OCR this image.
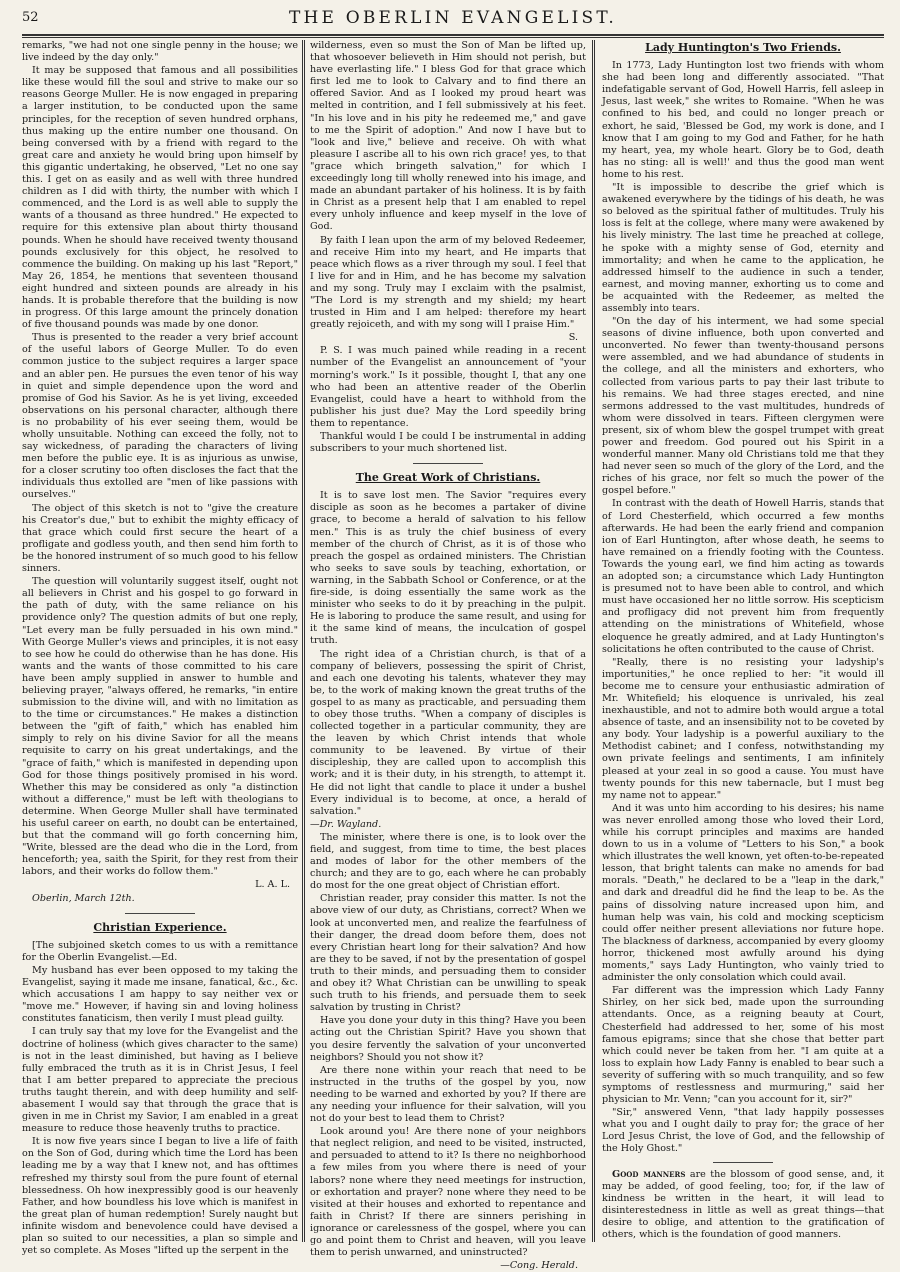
52	THE OBERLIN EVANGELIST.

remarks, "we had not one single penny in the house; we live indeed by the day only."

It may be supposed that famous and all possibilities like these would fill the soul and strive to make our so reasons George Muller. He is now engaged in preparing a larger institution, to be conducted upon the same principles, for the reception of seven hundred orphans, thus making up the entire number one thousand. On being conversed with by a friend with regard to the great care and anxiety he would bring upon himself by this gigantic undertaking, he observed, "Let no one say this. I get on as easily and as well with three hundred children as I did with thirty, the number with which I commenced, and the Lord is as well able to supply the wants of a thousand as three hundred." He expected to require for this extensive plan about thirty thousand pounds. When he should have received twenty thousand pounds exclusively for this object, he resolved to commence the building. On making up his last "Report," May 26, 1854, he mentions that seventeen thousand eight hundred and sixteen pounds are already in his hands. It is probable therefore that the building is now in progress. Of this large amount the princely donation of five thousand pounds was made by one donor.

Thus is presented to the reader a very brief account of the useful labors of George Muller. To do even common justice to the subject requires a larger space and an abler pen. He pursues the even tenor of his way in quiet and simple dependence upon the word and promise of God his Savior. As he is yet living, exceeded observations on his personal character, although there is no probability of his ever seeing them, would be wholly unsuitable. Nothing can exceed the folly, not to say wickedness, of parading the characters of living men before the public eye. It is as injurious as unwise, for a closer scrutiny too often discloses the fact that the individuals thus extolled are "men of like passions with ourselves."

The object of this sketch is not to "give the creature his Creator's due," but to exhibit the mighty efficacy of that grace which could first secure the heart of a profligate and godless youth, and then send him forth to be the honored instrument of so much good to his fellow sinners.

The question will voluntarily suggest itself, ought not all believers in Christ and his gospel to go forward in the path of duty, with the same reliance on his providence only? The question admits of but one reply, "Let every man be fully persuaded in his own mind." With George Muller's views and principles, it is not easy to see how he could do otherwise than he has done. His wants and the wants of those committed to his care have been amply supplied in answer to humble and believing prayer, "always offered, he remarks, "in entire submission to the divine will, and with no limitation as to the time or circumstances." He makes a distinction between the "gift of faith," which has enabled him simply to rely on his divine Savior for all the means requisite to carry on his great undertakings, and the "grace of faith," which is manifested in depending upon God for those things positively promised in his word. Whether this may be considered as only "a distinction without a difference," must be left with theologians to determine. When George Muller shall have terminated his useful career on earth, no doubt can be entertained, but that the command will go forth concerning him, "Write, blessed are the dead who die in the Lord, from henceforth; yea, saith the Spirit, for they rest from their labors, and their works do follow them."

L. A. L.

Oberlin, March 12th.

Christian Experience.

[The subjoined sketch comes to us with a remittance for the Oberlin Evangelist.—Ed.

My husband has ever been opposed to my taking the Evangelist, saying it made me insane, fanatical, &c., &c. which accusations I am happy to say neither vex or "move me." However, if having sin and loving holiness constitutes fanaticism, then verily I must plead guilty.

I can truly say that my love for the Evangelist and the doctrine of holiness (which gives character to the same) is not in the least diminished, but having as I believe fully embraced the truth as it is in Christ Jesus, I feel that I am better prepared to appreciate the precious truths taught therein, and with deep humility and self-abasement I would say that through the grace that is given in me in Christ my Savior, I am enabled in a great measure to reduce those heavenly truths to practice.

It is now five years since I began to live a life of faith on the Son of God, during which time the Lord has been leading me by a way that I knew not, and has ofttimes refreshed my thirsty soul from the pure fount of eternal blessedness. Oh how inexpressibly good is our heavenly Father, and how boundless his love which is manifest in the great plan of human redemption! Surely naught but infinite wisdom and benevolence could have devised a plan so suited to our necessities, a plan so simple and yet so complete. As Moses "lifted up the serpent in the

wilderness, even so must the Son of Man be lifted up, that whosoever believeth in Him should not perish, but have everlasting life." I bless God for that grace which first led me to look to Calvary and to find there an offered Savior. And as I looked my proud heart was melted in contrition, and I fell submissively at his feet. "In his love and in his pity he redeemed me," and gave to me the Spirit of adoption." And now I have but to "look and live," believe and receive. Oh with what pleasure I ascribe all to his own rich grace! yes, to that "grace which bringeth salvation," for which I exceedingly long till wholly renewed into his image, and made an abundant partaker of his holiness. It is by faith in Christ as a present help that I am enabled to repel every unholy influence and keep myself in the love of God.

By faith I lean upon the arm of my beloved Redeemer, and receive Him into my heart, and He imparts that peace which flows as a river through my soul. I feel that I live for and in Him, and he has become my salvation and my song. Truly may I exclaim with the psalmist, "The Lord is my strength and my shield; my heart trusted in Him and I am helped: therefore my heart greatly rejoiceth, and with my song will I praise Him."

S.

P. S. I was much pained while reading in a recent number of the Evangelist an announcement of "your morning's work." Is it possible, thought I, that any one who had been an attentive reader of the Oberlin Evangelist, could have a heart to withhold from the publisher his just due? May the Lord speedily bring them to repentance.

Thankful would I be could I be instrumental in adding subscribers to your much shortened list.

The Great Work of Christians.

It is to save lost men. The Savior "requires every disciple as soon as he becomes a partaker of divine grace, to become a herald of salvation to his fellow men." This is as truly the chief business of every member of the church of Christ, as it is of those who preach the gospel as ordained ministers. The Christian who seeks to save souls by teaching, exhortation, or warning, in the Sabbath School or Conference, or at the fire-side, is doing essentially the same work as the minister who seeks to do it by preaching in the pulpit. He is laboring to produce the same result, and using for it the same kind of means, the inculcation of gospel truth.

The right idea of a Christian church, is that of a company of believers, possessing the spirit of Christ, and each one devoting his talents, whatever they may be, to the work of making known the great truths of the gospel to as many as practicable, and persuading them to obey those truths. "When a company of disciples is collected together in a particular community, they are the leaven by which Christ intends that whole community to be leavened. By virtue of their discipleship, they are called upon to accomplish this work; and it is their duty, in his strength, to attempt it. He did not light that candle to place it under a bushel Every individual is to become, at once, a herald of salvation."

—Dr. Wayland.

The minister, where there is one, is to look over the field, and suggest, from time to time, the best places and modes of labor for the other members of the church; and they are to go, each where he can probably do most for the one great object of Christian effort.

Christian reader, pray consider this matter. Is not the above view of our duty, as Christians, correct? When we look at unconverted men, and realize the fearfulness of their danger, the dread doom before them, does not every Christian heart long for their salvation? And how are they to be saved, if not by the presentation of gospel truth to their minds, and persuading them to consider and obey it? What Christian can be unwilling to speak such truth to his friends, and persuade them to seek salvation by trusting in Christ?

Have you done your duty in this thing? Have you been acting out the Christian Spirit? Have you shown that you desire fervently the salvation of your unconverted neighbors? Should you not show it?

Are there none within your reach that need to be instructed in the truths of the gospel by you, now needing to be warned and exhorted by you? If there are any needing your influence for their salvation, will you not do your best to lead them to Christ?

Look around you! Are there none of your neighbors that neglect religion, and need to be visited, instructed, and persuaded to attend to it? Is there no neighborhood a few miles from you where there is need of your labors? none where they need meetings for instruction, or exhortation and prayer? none where they need to be visited at their houses and exhorted to repentance and faith in Christ? If there are sinners perishing in ignorance or carelessness of the gospel, where you can go and point them to Christ and heaven, will you leave them to perish unwarned, and uninstructed?

—Cong. Herald.

Lady Huntington's Two Friends.

In 1773, Lady Huntington lost two friends with whom she had been long and differently associated. "That indefatigable servant of God, Howell Harris, fell asleep in Jesus, last week," she writes to Romaine. "When he was confined to his bed, and could no longer preach or exhort, he said, 'Blessed be God, my work is done, and I know that I am going to my God and Father, for he hath my heart, yea, my whole heart. Glory be to God, death has no sting: all is well!' and thus the good man went home to his rest.

"It is impossible to describe the grief which is awakened everywhere by the tidings of his death, he was so beloved as the spiritual father of multitudes. Truly his loss is felt at the college, where many were awakened by his lively ministry. The last time he preached at college, he spoke with a mighty sense of God, eternity and immortality; and when he came to the application, he addressed himself to the audience in such a tender, earnest, and moving manner, exhorting us to come and be acquainted with the Redeemer, as melted the assembly into tears.

"On the day of his interment, we had some special seasons of divine influence, both upon converted and unconverted. No fewer than twenty-thousand persons were assembled, and we had abundance of students in the college, and all the ministers and exhorters, who collected from various parts to pay their last tribute to his remains. We had three stages erected, and nine sermons addressed to the vast multitudes, hundreds of whom were dissolved in tears. Fifteen clergymen were present, six of whom blew the gospel trumpet with great power and freedom. God poured out his Spirit in a wonderful manner. Many old Christians told me that they had never seen so much of the glory of the Lord, and the riches of his grace, nor felt so much the power of the gospel before."

In contrast with the death of Howell Harris, stands that of Lord Chesterfield, which occurred a few months afterwards. He had been the early friend and companion ion of Earl Huntington, after whose death, he seems to have remained on a friendly footing with the Countess. Towards the young earl, we find him acting as towards an adopted son; a circumstance which Lady Huntington is presumed not to have been able to control, and which must have occasioned her no little sorrow. His scepticism and profligacy did not prevent him from frequently attending on the ministrations of Whitefield, whose eloquence he greatly admired, and at Lady Huntington's solicitations he often contributed to the cause of Christ.

"Really, there is no resisting your ladyship's importunities," he once replied to her: "it would ill become me to censure your enthusiastic admiration of Mr. Whitefield; his eloquence is unrivaled, his zeal inexhaustible, and not to admire both would argue a total absence of taste, and an insensibility not to be coveted by any body. Your ladyship is a powerful auxiliary to the Methodist cabinet; and I confess, notwithstanding my own private feelings and sentiments, I am infinitely pleased at your zeal in so good a cause. You must have twenty pounds for this new tabernacle, but I must beg my name not to appear."

And it was unto him according to his desires; his name was never enrolled among those who loved their Lord, while his corrupt principles and maxims are handed down to us in a volume of "Letters to his Son," a book which illustrates the well known, yet often-to-be-repeated lesson, that bright talents can make no amends for bad morals. "Death," he declared to be a "leap in the dark," and dark and dreadful did he find the leap to be. As the pains of dissolving nature increased upon him, and human help was vain, his cold and mocking scepticism could offer neither present alleviations nor future hope. The blackness of darkness, accompanied by every gloomy horror, thickened most awfully around his dying moments," says Lady Huntington, who vainly tried to administer the only consolation which could avail.

Far different was the impression which Lady Fanny Shirley, on her sick bed, made upon the surrounding attendants. Once, as a reigning beauty at Court, Chesterfield had addressed to her, some of his most famous epigrams; since that she chose that better part which could never be taken from her. "I am quite at a loss to explain how Lady Fanny is enabled to bear such a severity of suffering with so much tranquility, and so few symptoms of restlessness and murmuring," said her physician to Mr. Venn; "can you account for it, sir?"

"Sir," answered Venn, "that lady happily possesses what you and I ought daily to pray for; the grace of her Lord Jesus Christ, the love of God, and the fellowship of the Holy Ghost."

Good manners are the blossom of good sense, and, it may be added, of good feeling, too; for, if the law of kindness be written in the heart, it will lead to disinterestedness in little as well as great things—that desire to oblige, and attention to the gratification of others, which is the foundation of good manners.
